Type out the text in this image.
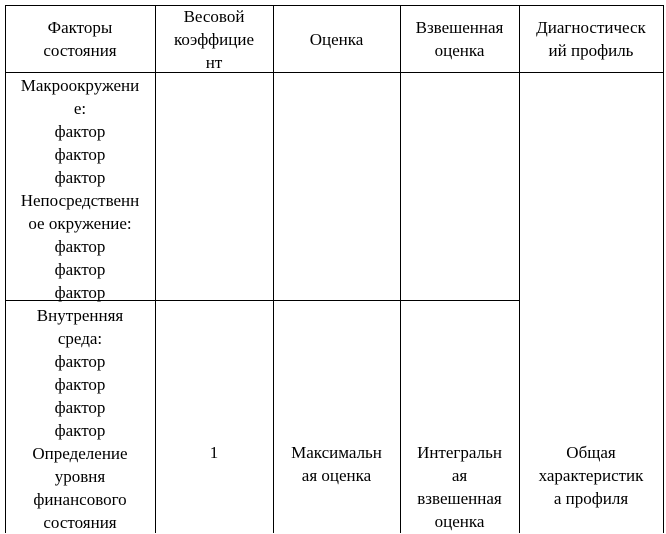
Факторы
состояния
Весовой
коэффицие
нт
Оценка
Взвешенная
оценка
Диагностическ
ий профиль
Макроокружени
е:
фактор
фактор
фактор
Непосредственн
ое окружение:
фактор
фактор
фактор
Внутренняя
среда:
фактор
фактор
фактор
фактор
Определение
уровня
финансового
состояния
1	Максимальн
ая оценка
Интегральн
ая
взвешенная
оценка
Общая
характеристик
а профиля
